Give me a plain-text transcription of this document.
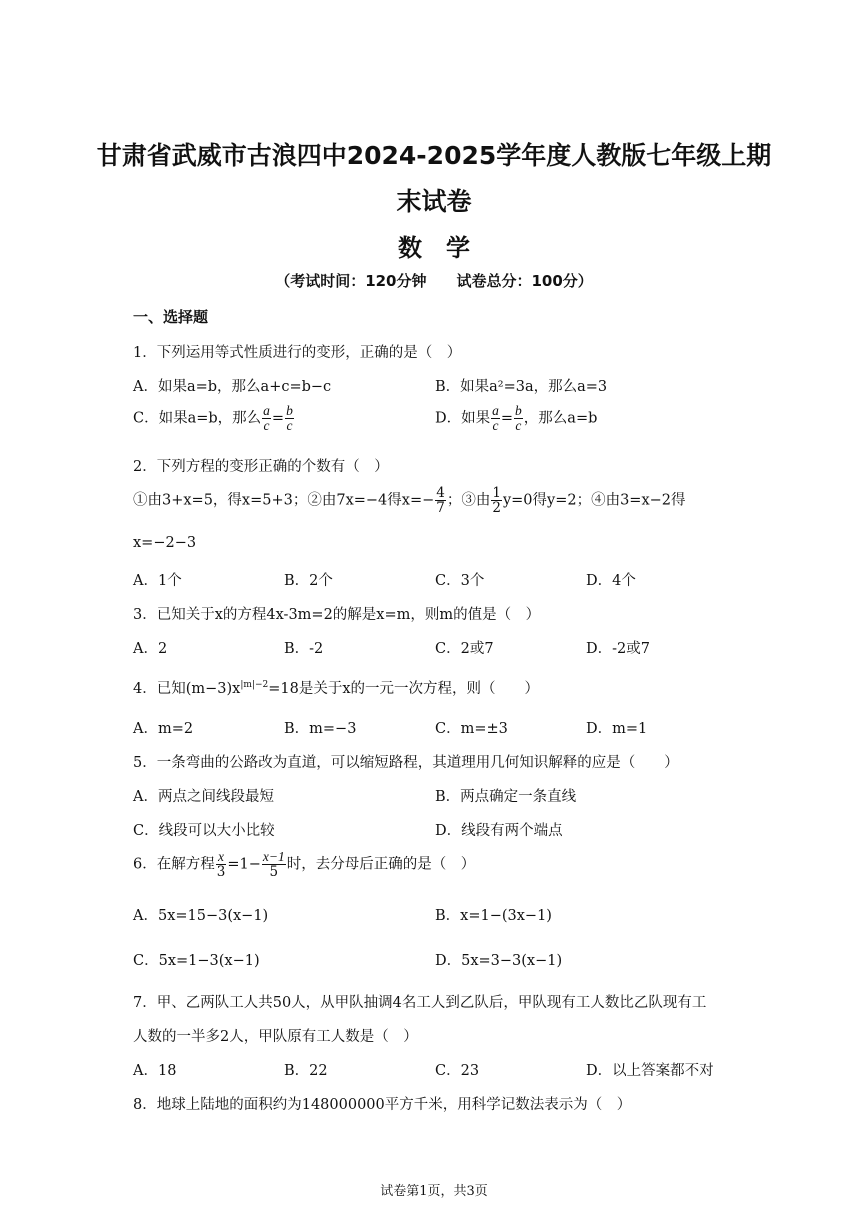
甘肃省武威市古浪四中2024-2025学年度人教版七年级上期
末试卷
数　学
（考试时间：120分钟　　试卷总分：100分）
一、选择题
1．下列运用等式性质进行的变形，正确的是（　）
A．如果a=b，那么a+c=b−c	B．如果a²=3a，那么a=3
C．如果a=b，那么 $\frac{a}{c} = \frac{b}{c}$	D．如果 $\frac{a}{c} = \frac{b}{c}$ ，那么a=b
2．下列方程的变形正确的个数有（　）
①由3+x=5，得x=5+3；②由7x=−4得$x=- \frac{4}{7}$ ；③由 $\frac{1}{2} y=0$得y=2；④由3=x−2得
x=−2−3
A．1个	B．2个	C．3个	D．4个
3．已知关于x的方程4x-3m=2的解是x=m，则m的值是（　）
A．2	B．-2	C．2或7	D．-2或7
4．已知$(m-3)x^{|m|-2}=18$是关于x的一元一次方程，则（　　）
A．m=2	B．m=−3	C．m=±3	D．m=1
5．一条弯曲的公路改为直道，可以缩短路程，其道理用几何知识解释的应是（　　）
A．两点之间线段最短	B．两点确定一条直线
C．线段可以大小比较	D．线段有两个端点
6．在解方程 $\frac{x}{3} =1- \frac{x-1}{5}$ 时，去分母后正确的是（　）
A．5x=15−3(x−1)	B．x=1−(3x−1)
C．5x=1−3(x−1)	D．5x=3−3(x−1)
7．甲、乙两队工人共50人，从甲队抽调4名工人到乙队后，甲队现有工人数比乙队现有工
人数的一半多2人，甲队原有工人数是（　）
A．18	B．22	C．23	D．以上答案都不对
8．地球上陆地的面积约为148000000平方千米，用科学记数法表示为（　）
试卷第1页，共3页
